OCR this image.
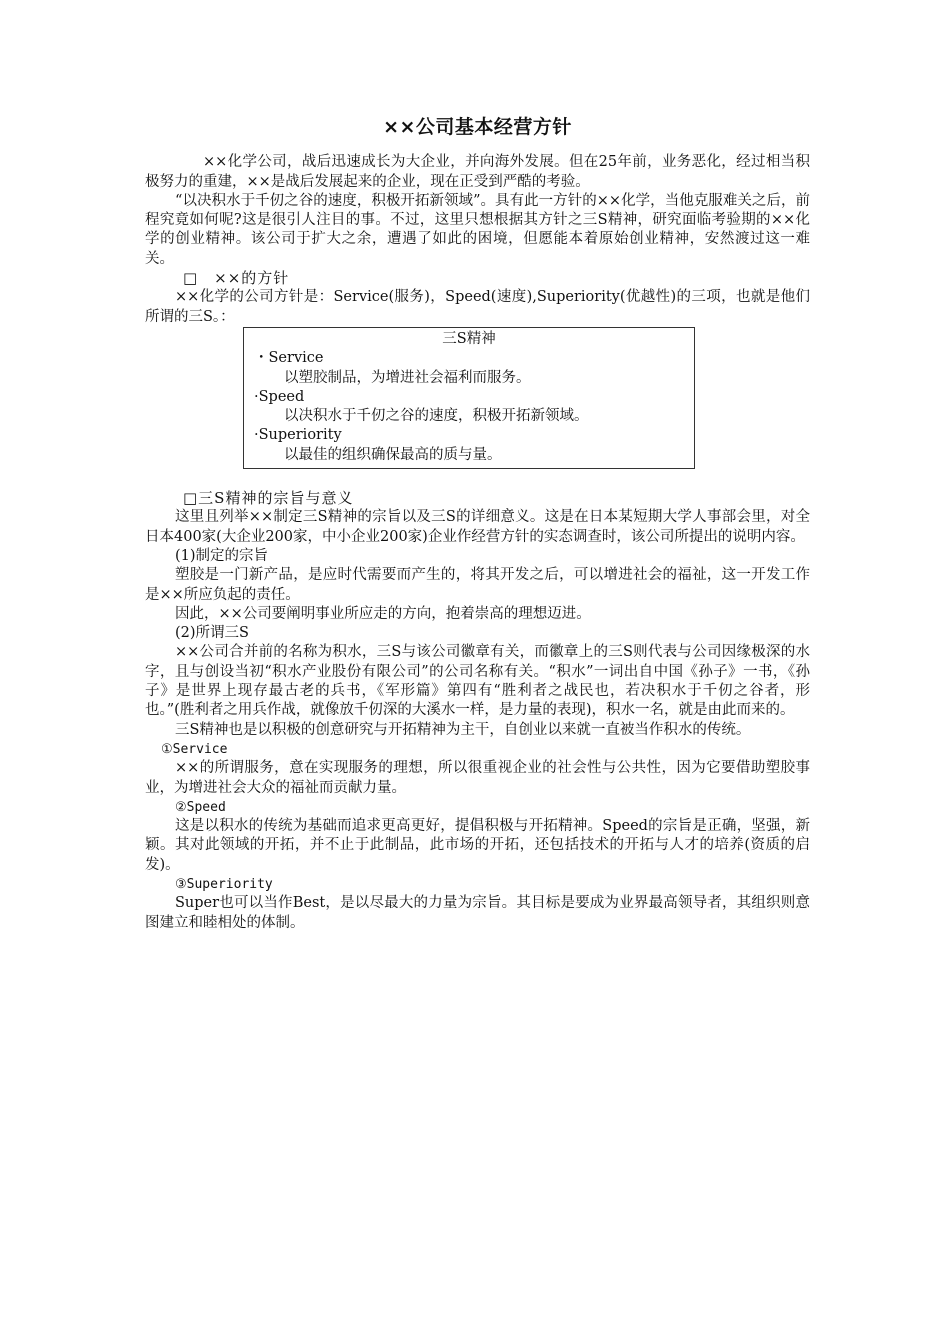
××公司基本经营方针

××化学公司，战后迅速成长为大企业，并向海外发展。但在25年前，业务恶化，经过相当积极努力的重建，××是战后发展起来的企业，现在正受到严酷的考验。

“以决积水于千仞之谷的速度，积极开拓新领域”。具有此一方针的××化学，当他克服难关之后，前程究竟如何呢?这是很引人注目的事。不过，这里只想根据其方针之三S精神，研究面临考验期的××化学的创业精神。该公司于扩大之余，遭遇了如此的困境，但愿能本着原始创业精神，安然渡过这一难关。

□　××的方针

××化学的公司方针是：Service(服务)，Speed(速度),Superiority(优越性)的三项，也就是他们所谓的三S。：

三S精神
・Service
以塑胶制品，为增进社会福利而服务。
·Speed
以决积水于千仞之谷的速度，积极开拓新领域。
·Superiority
以最佳的组织确保最高的质与量。

□三S精神的宗旨与意义

这里且列举××制定三S精神的宗旨以及三S的详细意义。这是在日本某短期大学人事部会里，对全日本400家(大企业200家，中小企业200家)企业作经营方针的实态调查时，该公司所提出的说明内容。

(1)制定的宗旨

塑胶是一门新产品，是应时代需要而产生的，将其开发之后，可以增进社会的福祉，这一开发工作是××所应负起的责任。

因此，××公司要阐明事业所应走的方向，抱着崇高的理想迈进。

(2)所谓三S

××公司合并前的名称为积水，三S与该公司徽章有关，而徽章上的三S则代表与公司因缘极深的水字，且与创设当初“积水产业股份有限公司”的公司名称有关。“积水”一词出自中国《孙子》一书，《孙子》是世界上现存最古老的兵书，《军形篇》第四有“胜利者之战民也，若决积水于千仞之谷者，形也。”(胜利者之用兵作战，就像放千仞深的大溪水一样，是力量的表现)，积水一名，就是由此而来的。

三S精神也是以积极的创意研究与开拓精神为主干，自创业以来就一直被当作积水的传统。

①Service

××的所谓服务，意在实现服务的理想，所以很重视企业的社会性与公共性，因为它要借助塑胶事业，为增进社会大众的福祉而贡献力量。

②Speed

这是以积水的传统为基础而追求更高更好，提倡积极与开拓精神。Speed的宗旨是正确，坚强，新颖。其对此领域的开拓，并不止于此制品，此市场的开拓，还包括技术的开拓与人才的培养(资质的启发)。

③Superiority

Super也可以当作Best，是以尽最大的力量为宗旨。其目标是要成为业界最高领导者，其组织则意图建立和睦相处的体制。
